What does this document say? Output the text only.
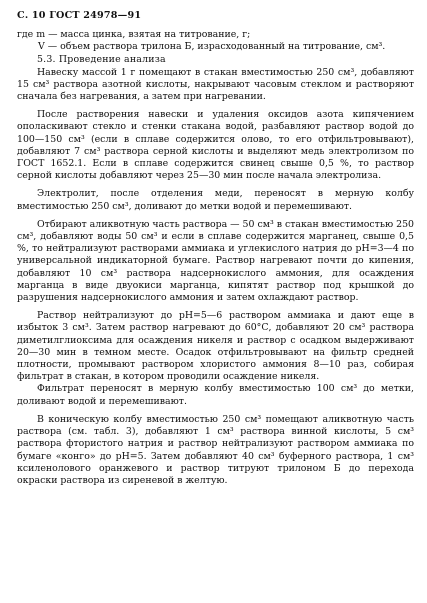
С. 10 ГОСТ 24978—91

где m — масса цинка, взятая на титрование, г;

V — объем раствора трилона Б, израсходованный на титрование, см³.

5.3. Проведение анализа

Навеску массой 1 г помещают в стакан вместимостью 250 см³, добавляют 15 см³ раствора азотной кислоты, накрывают часовым стеклом и растворяют сначала без нагревания, а затем при нагревании.

После растворения навески и удаления оксидов азота кипячением ополаскивают стекло и стенки стакана водой, разбавляют раствор водой до 100—150 см³ (если в сплаве содержится олово, то его отфильтровывают), добавляют 7 см³ раствора серной кислоты и выделяют медь электролизом по ГОСТ 1652.1. Если в сплаве содержится свинец свыше 0,5 %, то раствор серной кислоты добавляют через 25—30 мин после начала электролиза.

Электролит, после отделения меди, переносят в мерную колбу вместимостью 250 см³, доливают до метки водой и перемешивают.

Отбирают аликвотную часть раствора — 50 см³ в стакан вместимостью 250 см³, добавляют воды 50 см³ и если в сплаве содержится марганец, свыше 0,5 %, то нейтрализуют растворами аммиака и углекислого натрия до рН=3—4 по универсальной индикаторной бумаге. Раствор нагревают почти до кипения, добавляют 10 см³ раствора надсернокислого аммония, для осаждения марганца в виде двуокиси марганца, кипятят раствор под крышкой до разрушения надсернокислого аммония и затем охлаждают раствор.

Раствор нейтрализуют до рН=5—6 раствором аммиака и дают еще в избыток 3 см³. Затем раствор нагревают до 60°С, добавляют 20 см³ раствора диметилглиоксима для осаждения никеля и раствор с осадком выдерживают 20—30 мин в темном месте. Осадок отфильтровывают на фильтр средней плотности, промывают раствором хлористого аммония 8—10 раз, собирая фильтрат в стакан, в котором проводили осаждение никеля.

Фильтрат переносят в мерную колбу вместимостью 100 см³ до метки, доливают водой и перемешивают.

В коническую колбу вместимостью 250 см³ помещают аликвотную часть раствора (см. табл. 3), добавляют 1 см³ раствора винной кислоты, 5 см³ раствора фтористого натрия и раствор нейтрализуют раствором аммиака по бумаге «конго» до рН=5. Затем добавляют 40 см³ буферного раствора, 1 см³ ксиленолового оранжевого и раствор титруют трилоном Б до перехода окраски раствора из сиреневой в желтую.
